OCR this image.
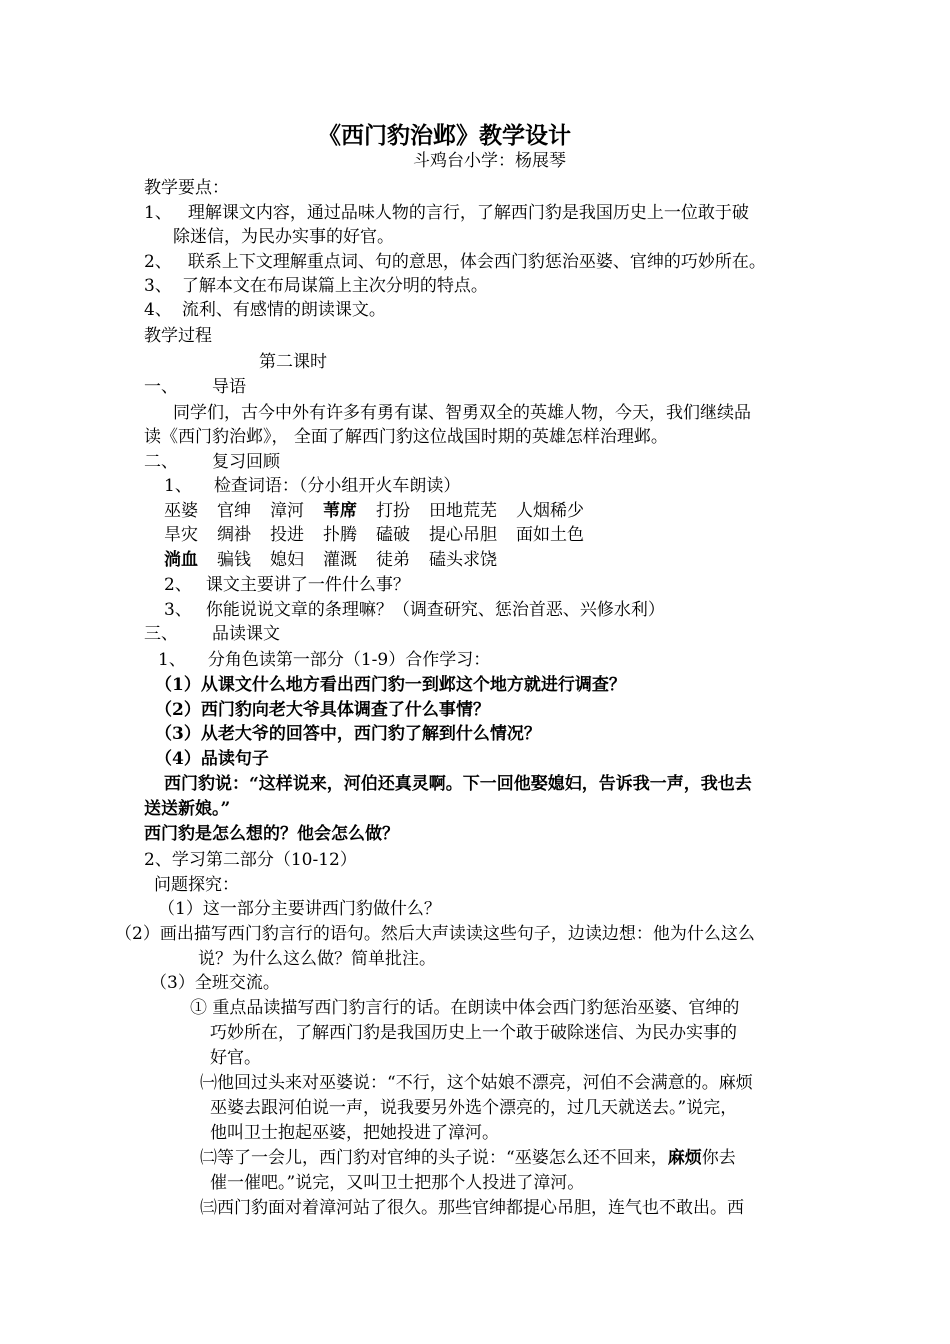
《西门豹治邺》教学设计
斗鸡台小学：杨展琴
教学要点：
1、 理解课文内容，通过品味人物的言行，了解西门豹是我国历史上一位敢于破
除迷信，为民办实事的好官。
2、 联系上下文理解重点词、句的意思，体会西门豹惩治巫婆、官绅的巧妙所在。
3、 了解本文在布局谋篇上主次分明的特点。
4、 流利、有感情的朗读课文。
教学过程
第二课时
一、 导语
同学们，古今中外有许多有勇有谋、智勇双全的英雄人物，今天，我们继续品
读《西门豹治邺》， 全面了解西门豹这位战国时期的英雄怎样治理邺。
二、 复习回顾
1、 检查词语：（分小组开火车朗读）
巫婆 官绅 漳河 苇席 打扮 田地荒芜 人烟稀少
旱灾 绸褂 投进 扑腾 磕破 提心吊胆 面如土色
淌血 骗钱 媳妇 灌溉 徒弟 磕头求饶
2、 课文主要讲了一件什么事？
3、 你能说说文章的条理嘛？（调查研究、惩治首恶、兴修水利）
三、 品读课文
1、 分角色读第一部分（1-9）合作学习：
（1）从课文什么地方看出西门豹一到邺这个地方就进行调查？
（2）西门豹向老大爷具体调查了什么事情？
（3）从老大爷的回答中，西门豹了解到什么情况？
（4）品读句子
西门豹说：“这样说来，河伯还真灵啊。下一回他娶媳妇，告诉我一声，我也去
送送新娘。”
西门豹是怎么想的？他会怎么做？
2、学习第二部分（10-12）
问题探究：
（1）这一部分主要讲西门豹做什么？
（2）画出描写西门豹言行的语句。然后大声读读这些句子，边读边想：他为什么这么
说？为什么这么做？简单批注。
（3）全班交流。
① 重点品读描写西门豹言行的话。在朗读中体会西门豹惩治巫婆、官绅的
巧妙所在，了解西门豹是我国历史上一个敢于破除迷信、为民办实事的
好官。
㈠他回过头来对巫婆说：“不行，这个姑娘不漂亮，河伯不会满意的。麻烦
巫婆去跟河伯说一声，说我要另外选个漂亮的，过几天就送去。”说完，
他叫卫士抱起巫婆，把她投进了漳河。
㈡等了一会儿，西门豹对官绅的头子说：“巫婆怎么还不回来，麻烦你去
催一催吧。”说完，又叫卫士把那个人投进了漳河。
㈢西门豹面对着漳河站了很久。那些官绅都提心吊胆，连气也不敢出。西
